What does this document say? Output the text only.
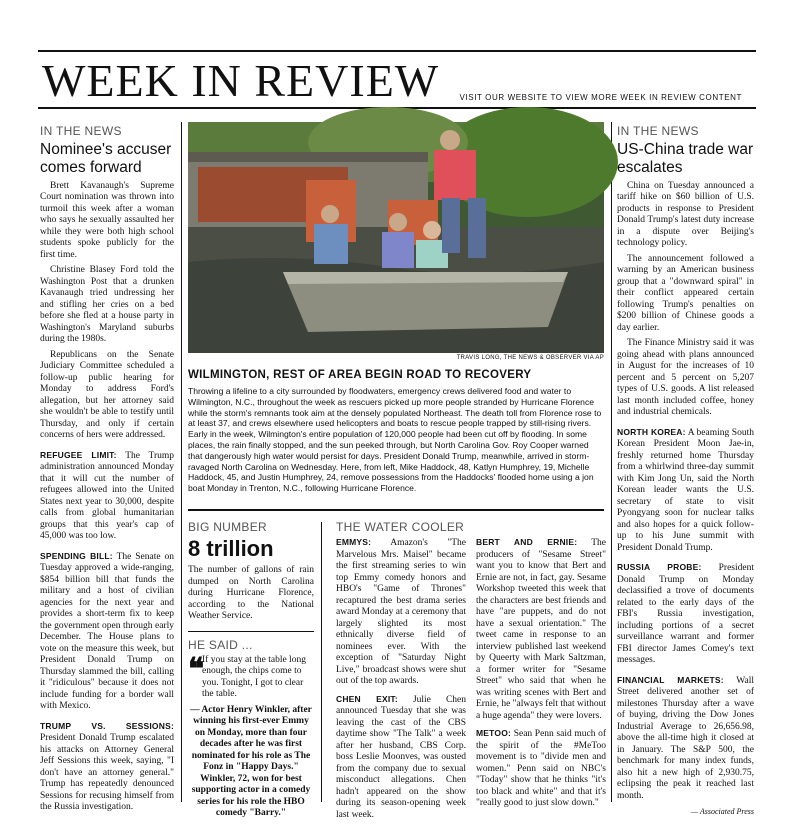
WEEK IN REVIEW	VISIT OUR WEBSITE TO VIEW MORE WEEK IN REVIEW CONTENT
IN THE NEWS
Nominee's accuser comes forward

Brett Kavanaugh's Supreme Court nomination was thrown into turmoil this week after a woman who says he sexually assaulted her while they were both high school students spoke publicly for the first time.

Christine Blasey Ford told the Washington Post that a drunken Kavanaugh tried undressing her and stifling her cries on a bed before she fled at a house party in Washington's Maryland suburbs during the 1980s.

Republicans on the Senate Judiciary Committee scheduled a follow-up public hearing for Monday to address Ford's allegation, but her attorney said she wouldn't be able to testify until Thursday, and only if certain concerns of hers were addressed.

REFUGEE LIMIT: The Trump administration announced Monday that it will cut the number of refugees allowed into the United States next year to 30,000, despite calls from global humanitarian groups that this year's cap of 45,000 was too low.

SPENDING BILL: The Senate on Tuesday approved a wide-ranging, $854 billion bill that funds the military and a host of civilian agencies for the next year and provides a short-term fix to keep the government open through early December. The House plans to vote on the measure this week, but President Donald Trump on Thursday slammed the bill, calling it "ridiculous" because it does not include funding for a border wall with Mexico.

TRUMP VS. SESSIONS: President Donald Trump escalated his attacks on Attorney General Jeff Sessions this week, saying, "I don't have an attorney general." Trump has repeatedly denounced Sessions for recusing himself from the Russia investigation.

TRAVIS LONG, THE NEWS & OBSERVER VIA AP
WILMINGTON, REST OF AREA BEGIN ROAD TO RECOVERY
Throwing a lifeline to a city surrounded by floodwaters, emergency crews delivered food and water to Wilmington, N.C., throughout the week as rescuers picked up more people stranded by Hurricane Florence while the storm's remnants took aim at the densely populated Northeast. The death toll from Florence rose to at least 37, and crews elsewhere used helicopters and boats to rescue people trapped by still-rising rivers. Early in the week, Wilmington's entire population of 120,000 people had been cut off by flooding. In some places, the rain finally stopped, and the sun peeked through, but North Carolina Gov. Roy Cooper warned that dangerously high water would persist for days. President Donald Trump, meanwhile, arrived in storm-ravaged North Carolina on Wednesday. Here, from left, Mike Haddock, 48, Katlyn Humphrey, 19, Michelle Haddock, 45, and Justin Humphrey, 24, remove possessions from the Haddocks' flooded home using a jon boat Monday in Trenton, N.C., following Hurricane Florence.
BIG NUMBER
8 trillion

The number of gallons of rain dumped on North Carolina during Hurricane Florence, according to the National Weather Service.

HE SAID ...
❝

If you stay at the table long enough, the chips come to you. Tonight, I got to clear the table.

— Actor Henry Winkler, after winning his first-ever Emmy on Monday, more than four decades after he was first nominated for his role as The Fonz in "Happy Days." Winkler, 72, won for best supporting actor in a comedy series for his role the HBO comedy "Barry."

THE WATER COOLER

EMMYS: Amazon's "The Marvelous Mrs. Maisel" became the first streaming series to win top Emmy comedy honors and HBO's "Game of Thrones" recaptured the best drama series award Monday at a ceremony that largely slighted its most ethnically diverse field of nominees ever. With the exception of "Saturday Night Live," broadcast shows were shut out of the top awards.

CHEN EXIT: Julie Chen announced Tuesday that she was leaving the cast of the CBS daytime show "The Talk" a week after her husband, CBS Corp. boss Leslie Moonves, was ousted from the company due to sexual misconduct allegations. Chen hadn't appeared on the show during its season-opening week last week.

BERT AND ERNIE: The producers of "Sesame Street" want you to know that Bert and Ernie are not, in fact, gay. Sesame Workshop tweeted this week that the characters are best friends and have "are puppets, and do not have a sexual orientation." The tweet came in response to an interview published last weekend by Queerty with Mark Saltzman, a former writer for "Sesame Street" who said that when he was writing scenes with Bert and Ernie, he "always felt that without a huge agenda" they were lovers.

METOO: Sean Penn said much of the spirit of the #MeToo movement is to "divide men and women." Penn said on NBC's "Today" show that he thinks "it's too black and white" and that it's "really good to just slow down."

IN THE NEWS
US-China trade war escalates

China on Tuesday announced a tariff hike on $60 billion of U.S. products in response to President Donald Trump's latest duty increase in a dispute over Beijing's technology policy.

The announcement followed a warning by an American business group that a "downward spiral" in their conflict appeared certain following Trump's penalties on $200 billion of Chinese goods a day earlier.

The Finance Ministry said it was going ahead with plans announced in August for the increases of 10 percent and 5 percent on 5,207 types of U.S. goods. A list released last month included coffee, honey and industrial chemicals.

NORTH KOREA: A beaming South Korean President Moon Jae-in, freshly returned home Thursday from a whirlwind three-day summit with Kim Jong Un, said the North Korean leader wants the U.S. secretary of state to visit Pyongyang soon for nuclear talks and also hopes for a quick follow-up to his June summit with President Donald Trump.

RUSSIA PROBE: President Donald Trump on Monday declassified a trove of documents related to the early days of the FBI's Russia investigation, including portions of a secret surveillance warrant and former FBI director James Comey's text messages.

FINANCIAL MARKETS: Wall Street delivered another set of milestones Thursday after a wave of buying, driving the Dow Jones Industrial Average to 26,656.98, above the all-time high it closed at in January. The S&P 500, the benchmark for many index funds, also hit a new high of 2,930.75, eclipsing the peak it reached last month.

— Associated Press
